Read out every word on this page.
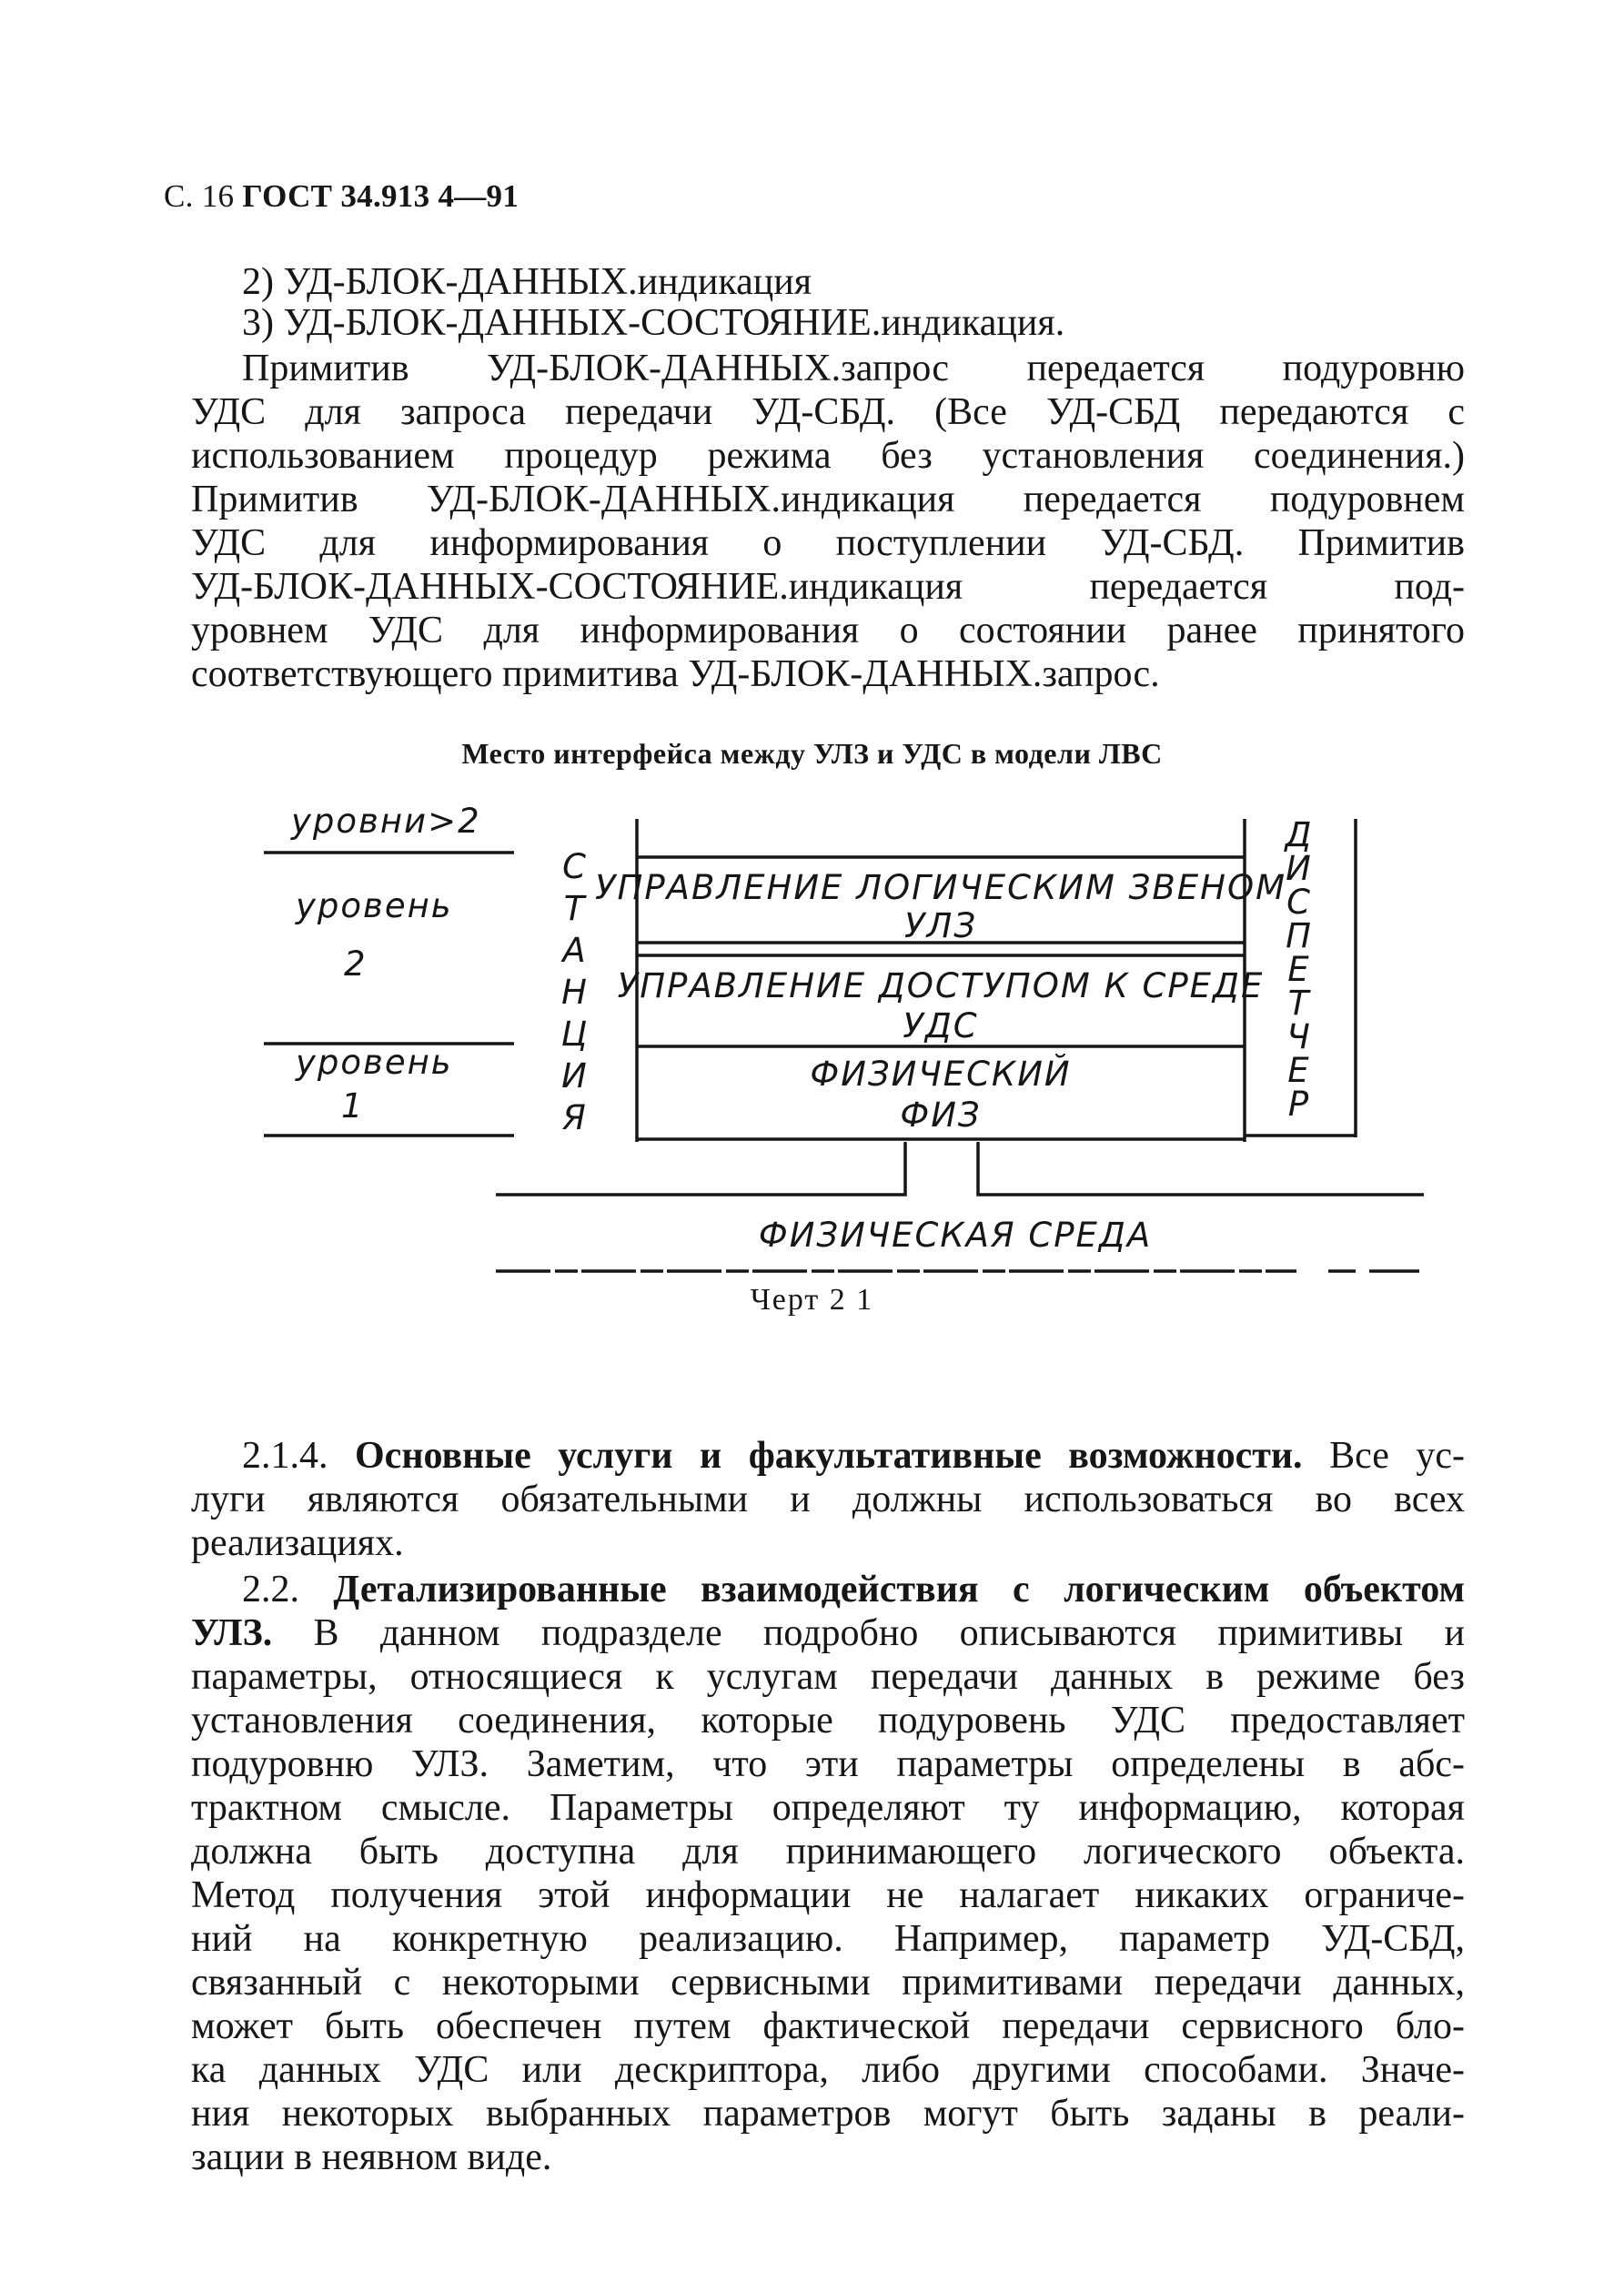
С. 16 ГОСТ 34.913 4—91
2) УД-БЛОК-ДАННЫХ.индикация
3) УД-БЛОК-ДАННЫХ-СОСТОЯНИЕ.индикация.
Примитив УД-БЛОК-ДАННЫХ.запрос передается подуровню
УДС для запроса передачи УД-СБД. (Все УД-СБД передаются с
использованием процедур режима без установления соединения.)
Примитив УД-БЛОК-ДАННЫХ.индикация передается подуровнем
УДС для информирования о поступлении УД-СБД. Примитив
УД-БЛОК-ДАННЫХ-СОСТОЯНИЕ.индикация передается под-
уровнем УДС для информирования о состоянии ранее принятого
соответствующего примитива УД-БЛОК-ДАННЫХ.запрос.
Место интерфейса между УЛЗ и УДС в модели ЛВС
уровни>2
уровень
2
уровень
1
С
Т
А
Н
Ц
И
Я
Д
И
С
П
Е
Т
Ч
Е
Р
УПРАВЛЕНИЕ ЛОГИЧЕСКИМ ЗВЕНОМ
УЛЗ
УПРАВЛЕНИЕ ДОСТУПОМ К СРЕДЕ
УДС
ФИЗИЧЕСКИЙ
ФИЗ
ФИЗИЧЕСКАЯ СРЕДА
Черт 2 1
2.1.4. Основные услуги и факультативные возможности. Все ус-
луги являются обязательными и должны использоваться во всех
реализациях.
2.2. Детализированные взаимодействия с логическим объектом
УЛЗ. В данном подразделе подробно описываются примитивы и
параметры, относящиеся к услугам передачи данных в режиме без
установления соединения, которые подуровень УДС предоставляет
подуровню УЛЗ. Заметим, что эти параметры определены в абс-
трактном смысле. Параметры определяют ту информацию, которая
должна быть доступна для принимающего логического объекта.
Метод получения этой информации не налагает никаких ограниче-
ний на конкретную реализацию. Например, параметр УД-СБД,
связанный с некоторыми сервисными примитивами передачи данных,
может быть обеспечен путем фактической передачи сервисного бло-
ка данных УДС или дескриптора, либо другими способами. Значе-
ния некоторых выбранных параметров могут быть заданы в реали-
зации в неявном виде.
